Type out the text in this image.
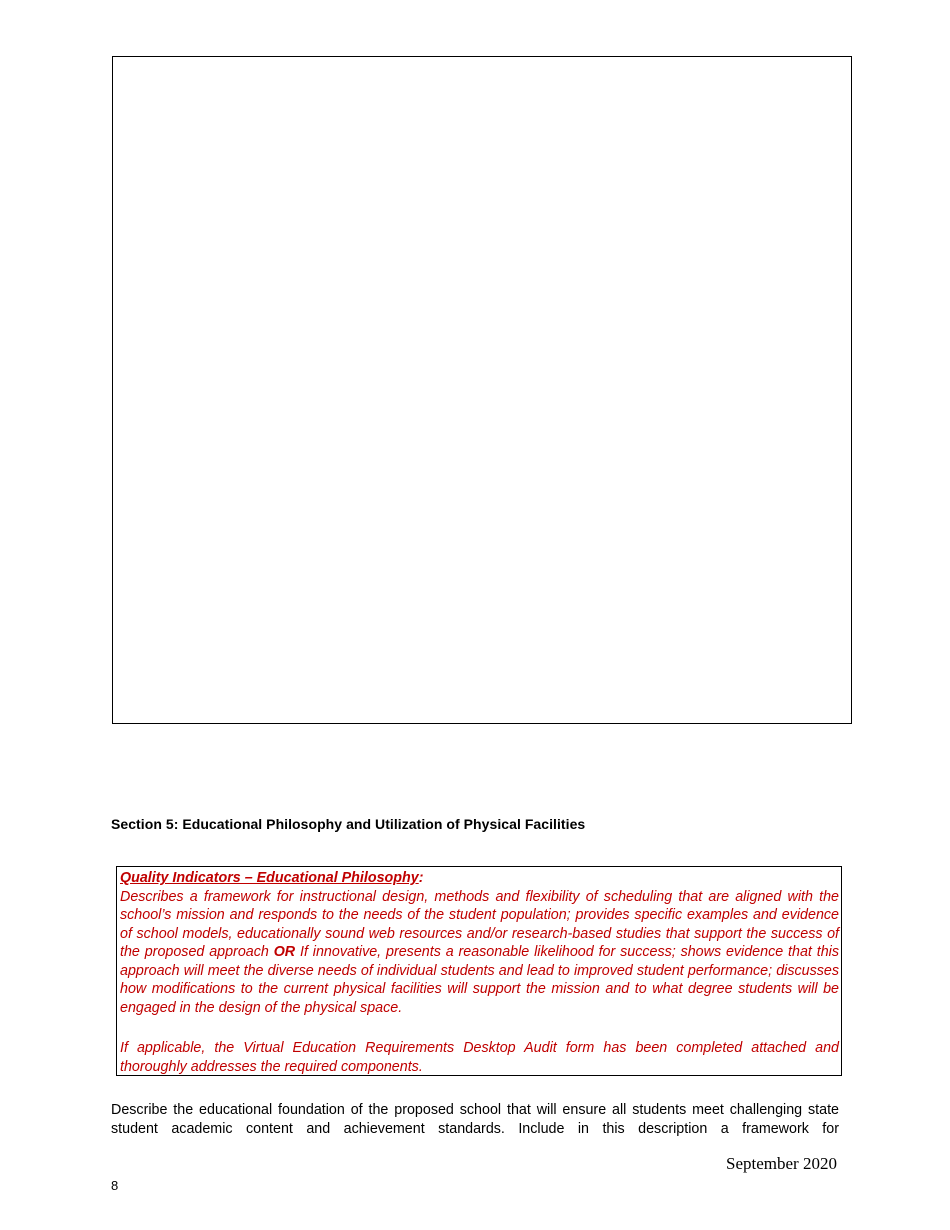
Section 5: Educational Philosophy and Utilization of Physical Facilities
Quality Indicators – Educational Philosophy:
Describes a framework for instructional design, methods and flexibility of scheduling that are aligned with the school’s mission and responds to the needs of the student population; provides specific examples and evidence of school models, educationally sound web resources and/or research-based studies that support the success of the proposed approach OR If innovative, presents a reasonable likelihood for success; shows evidence that this approach will meet the diverse needs of individual students and lead to improved student performance; discusses how modifications to the current physical facilities will support the mission and to what degree students will be engaged in the design of the physical space.
If applicable, the Virtual Education Requirements Desktop Audit form has been completed attached and thoroughly addresses the required components.
Describe the educational foundation of the proposed school that will ensure all students meet challenging state student academic content and achievement standards. Include in this description a framework for
September 2020
8
